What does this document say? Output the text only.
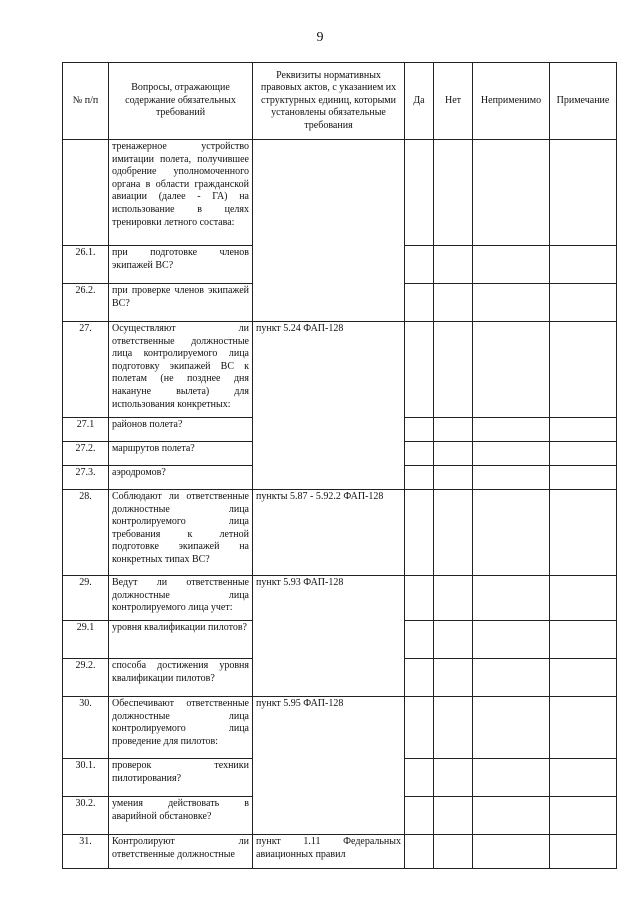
9
№ п/п	Вопросы, отражающие содержание обязательных требований	Реквизиты нормативных правовых актов, с указанием их структурных единиц, которыми установлены обязательные требования	Да	Нет	Неприменимо	Примечание
	тренажерное устройство имитации полета, получившее одобрение уполномоченного органа в области гражданской авиации (далее - ГА) на использование в целях тренировки летного состава:					
26.1.	при подготовке членов экипажей ВС?					
26.2.	при проверке членов экипажей ВС?					
27.	Осуществляют ли ответственные должностные лица контролируемого лица подготовку экипажей ВС к полетам (не позднее дня накануне вылета) для использования конкретных:	пункт 5.24 ФАП-128				
27.1	районов полета?					
27.2.	маршрутов полета?					
27.3.	аэродромов?					
28.	Соблюдают ли ответственные должностные лица контролируемого лица требования к летной подготовке экипажей на конкретных типах ВС?	пункты 5.87 - 5.92.2 ФАП-128				
29.	Ведут ли ответственные должностные лица контролируемого лица учет:	пункт 5.93 ФАП-128				
29.1	уровня квалификации пилотов?					
29.2.	способа достижения уровня квалификации пилотов?					
30.	Обеспечивают ответственные должностные лица контролируемого лица проведение для пилотов:	пункт 5.95 ФАП-128				
30.1.	проверок техники пилотирования?					
30.2.	умения действовать в аварийной обстановке?					
31.	Контролируют ли ответственные должностные	пункт 1.11 Федеральных авиационных правил				
